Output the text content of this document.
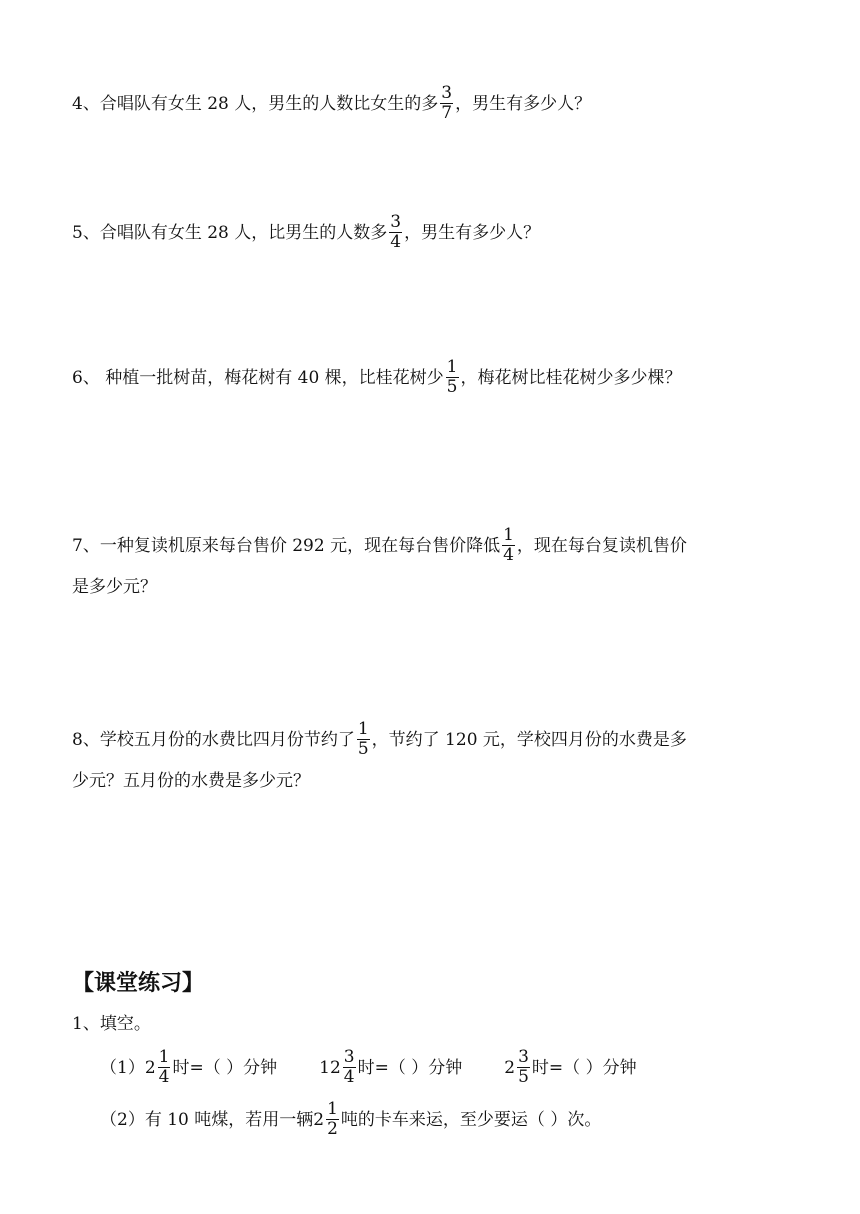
4、合唱队有女生 28 人，男生的人数比女生的多 $\frac{3}{7}$ ，男生有多少人？
5、合唱队有女生 28 人，比男生的人数多 $\frac{3}{4}$ ，男生有多少人？
6、 种植一批树苗，梅花树有 40 棵，比桂花树少 $\frac{1}{5}$ ，梅花树比桂花树少多少棵？
7、一种复读机原来每台售价 292 元，现在每台售价降低 $\frac{1}{4}$ ，现在每台复读机售价
是多少元？
8、学校五月份的水费比四月份节约了 $\frac{1}{5}$ ，节约了 120 元，学校四月份的水费是多
少元？五月份的水费是多少元？
【课堂练习】
1、填空。
$(1)2 \frac{1}{4}$ 时=（ ）分钟 $12 \frac{3}{4}$ 时=（ ）分钟 $2 \frac{3}{5}$ 时=（ ）分钟
（2）有 10 吨煤，若用一辆$2 \frac{1}{2}$ 吨的卡车来运，至少要运（ ）次。
